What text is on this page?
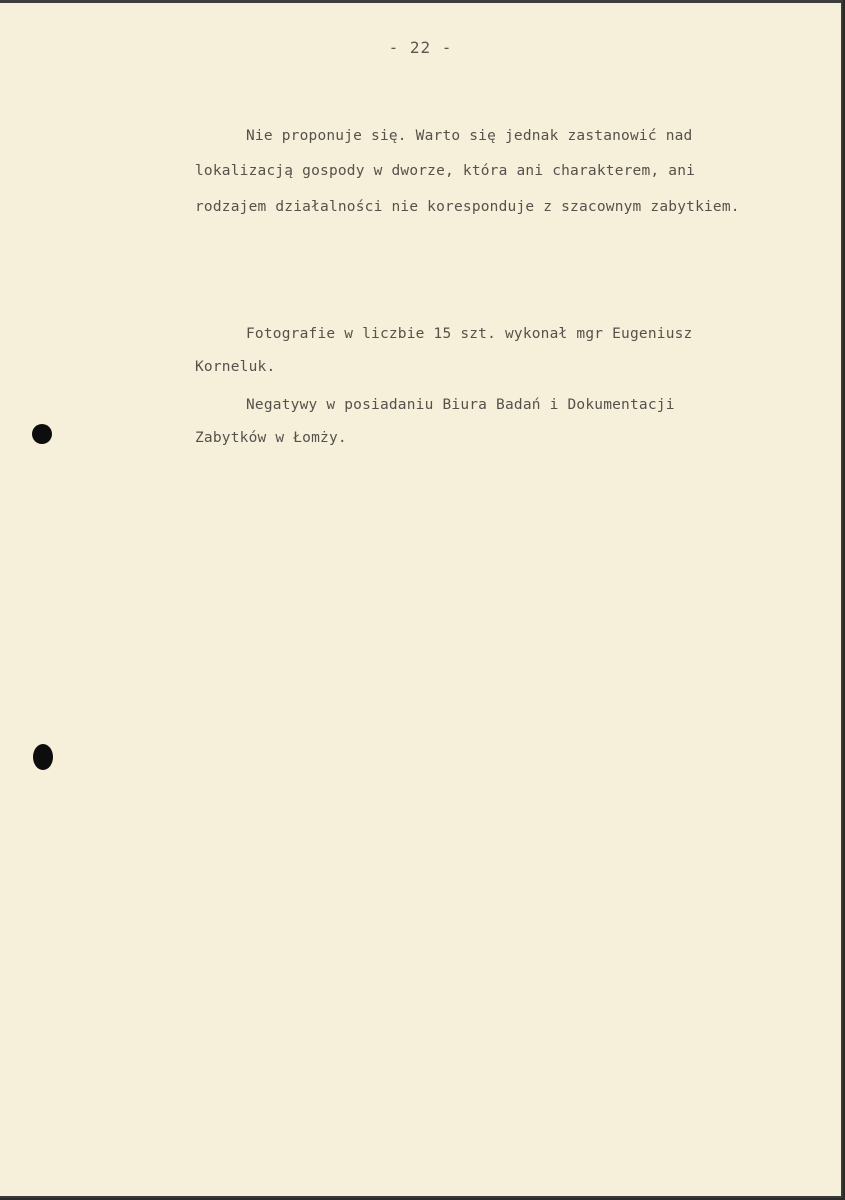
- 22 -
Nie proponuje się. Warto się jednak zastanowić nad
lokalizacją gospody w dworze, która ani charakterem, ani
rodzajem działalności nie koresponduje z szacownym zabytkiem.
Fotografie w liczbie 15 szt. wykonał mgr Eugeniusz
Korneluk.
Negatywy w posiadaniu Biura Badań i Dokumentacji
Zabytków w Łomży.
